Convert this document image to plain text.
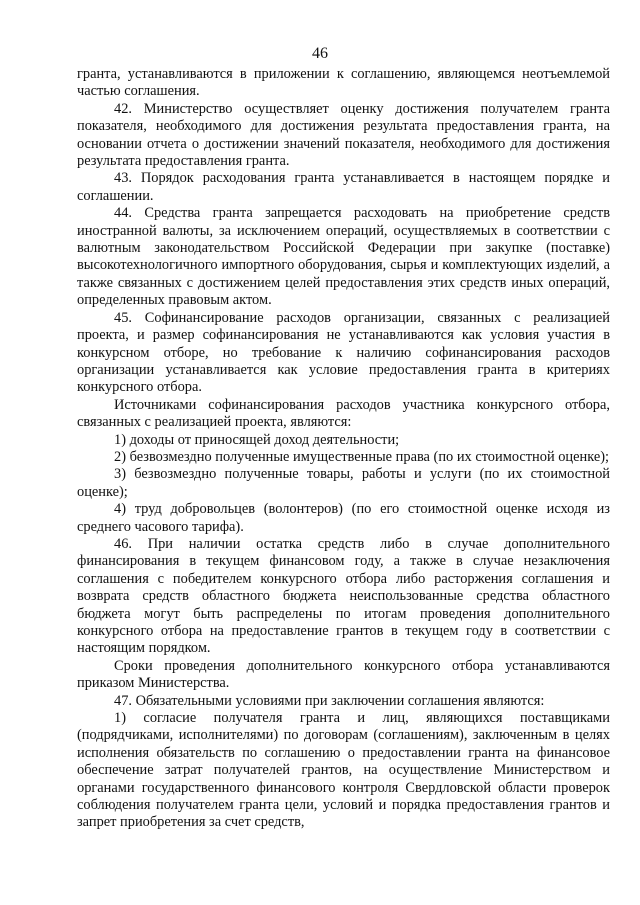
46

гранта, устанавливаются в приложении к соглашению, являющемся неотъемлемой частью соглашения.

42. Министерство осуществляет оценку достижения получателем гранта показателя, необходимого для достижения результата предоставления гранта, на основании отчета о достижении значений показателя, необходимого для достижения результата предоставления гранта.

43. Порядок расходования гранта устанавливается в настоящем порядке и соглашении.

44. Средства гранта запрещается расходовать на приобретение средств иностранной валюты, за исключением операций, осуществляемых в соответствии с валютным законодательством Российской Федерации при закупке (поставке) высокотехнологичного импортного оборудования, сырья и комплектующих изделий, а также связанных с достижением целей предоставления этих средств иных операций, определенных правовым актом.

45. Софинансирование расходов организации, связанных с реализацией проекта, и размер софинансирования не устанавливаются как условия участия в конкурсном отборе, но требование к наличию софинансирования расходов организации устанавливается как условие предоставления гранта в критериях конкурсного отбора.

Источниками софинансирования расходов участника конкурсного отбора, связанных с реализацией проекта, являются:

1) доходы от приносящей доход деятельности;

2) безвозмездно полученные имущественные права (по их стоимостной оценке);

3) безвозмездно полученные товары, работы и услуги (по их стоимостной оценке);

4) труд добровольцев (волонтеров) (по его стоимостной оценке исходя из среднего часового тарифа).

46. При наличии остатка средств либо в случае дополнительного финансирования в текущем финансовом году, а также в случае незаключения соглашения с победителем конкурсного отбора либо расторжения соглашения и возврата средств областного бюджета неиспользованные средства областного бюджета могут быть распределены по итогам проведения дополнительного конкурсного отбора на предоставление грантов в текущем году в соответствии с настоящим порядком.

Сроки проведения дополнительного конкурсного отбора устанавливаются приказом Министерства.

47. Обязательными условиями при заключении соглашения являются:

1) согласие получателя гранта и лиц, являющихся поставщиками (подрядчиками, исполнителями) по договорам (соглашениям), заключенным в целях исполнения обязательств по соглашению о предоставлении гранта на финансовое обеспечение затрат получателей грантов, на осуществление Министерством и органами государственного финансового контроля Свердловской области проверок соблюдения получателем гранта цели, условий и порядка предоставления грантов и запрет приобретения за счет средств,
